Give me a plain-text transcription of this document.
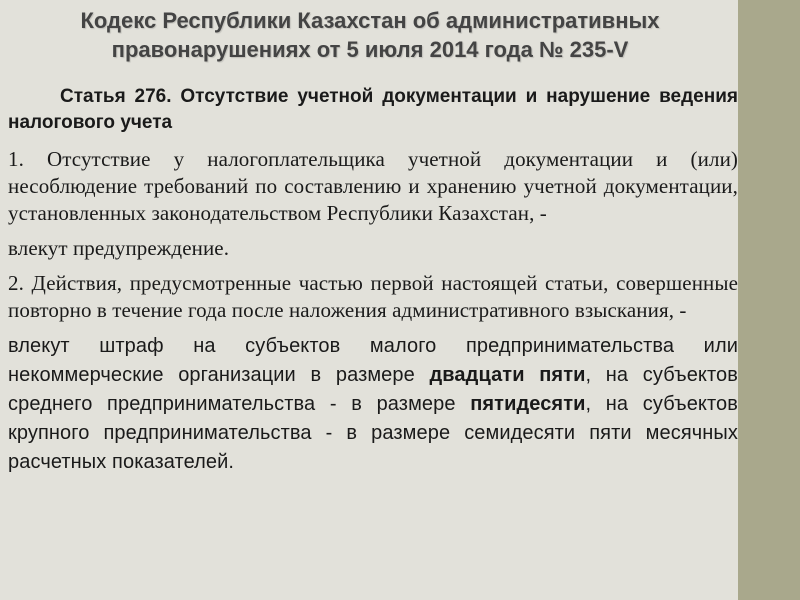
Кодекс Республики Казахстан об административных
правонарушениях от 5 июля 2014 года № 235-V
Статья 276. Отсутствие учетной документации и нарушение ведения налогового учета

1. Отсутствие у налогоплательщика учетной документации и (или) несоблюдение требований по составлению и хранению учетной документации, установленных законодательством Республики Казахстан, -

влекут предупреждение.

2. Действия, предусмотренные частью первой настоящей статьи, совершенные повторно в течение года после наложения административного взыскания, -

влекут штраф на субъектов малого предпринимательства или некоммерческие организации в размере двадцати пяти, на субъектов среднего предпринимательства - в размере пятидесяти, на субъектов крупного предпринимательства - в размере семидесяти пяти месячных расчетных показателей.
